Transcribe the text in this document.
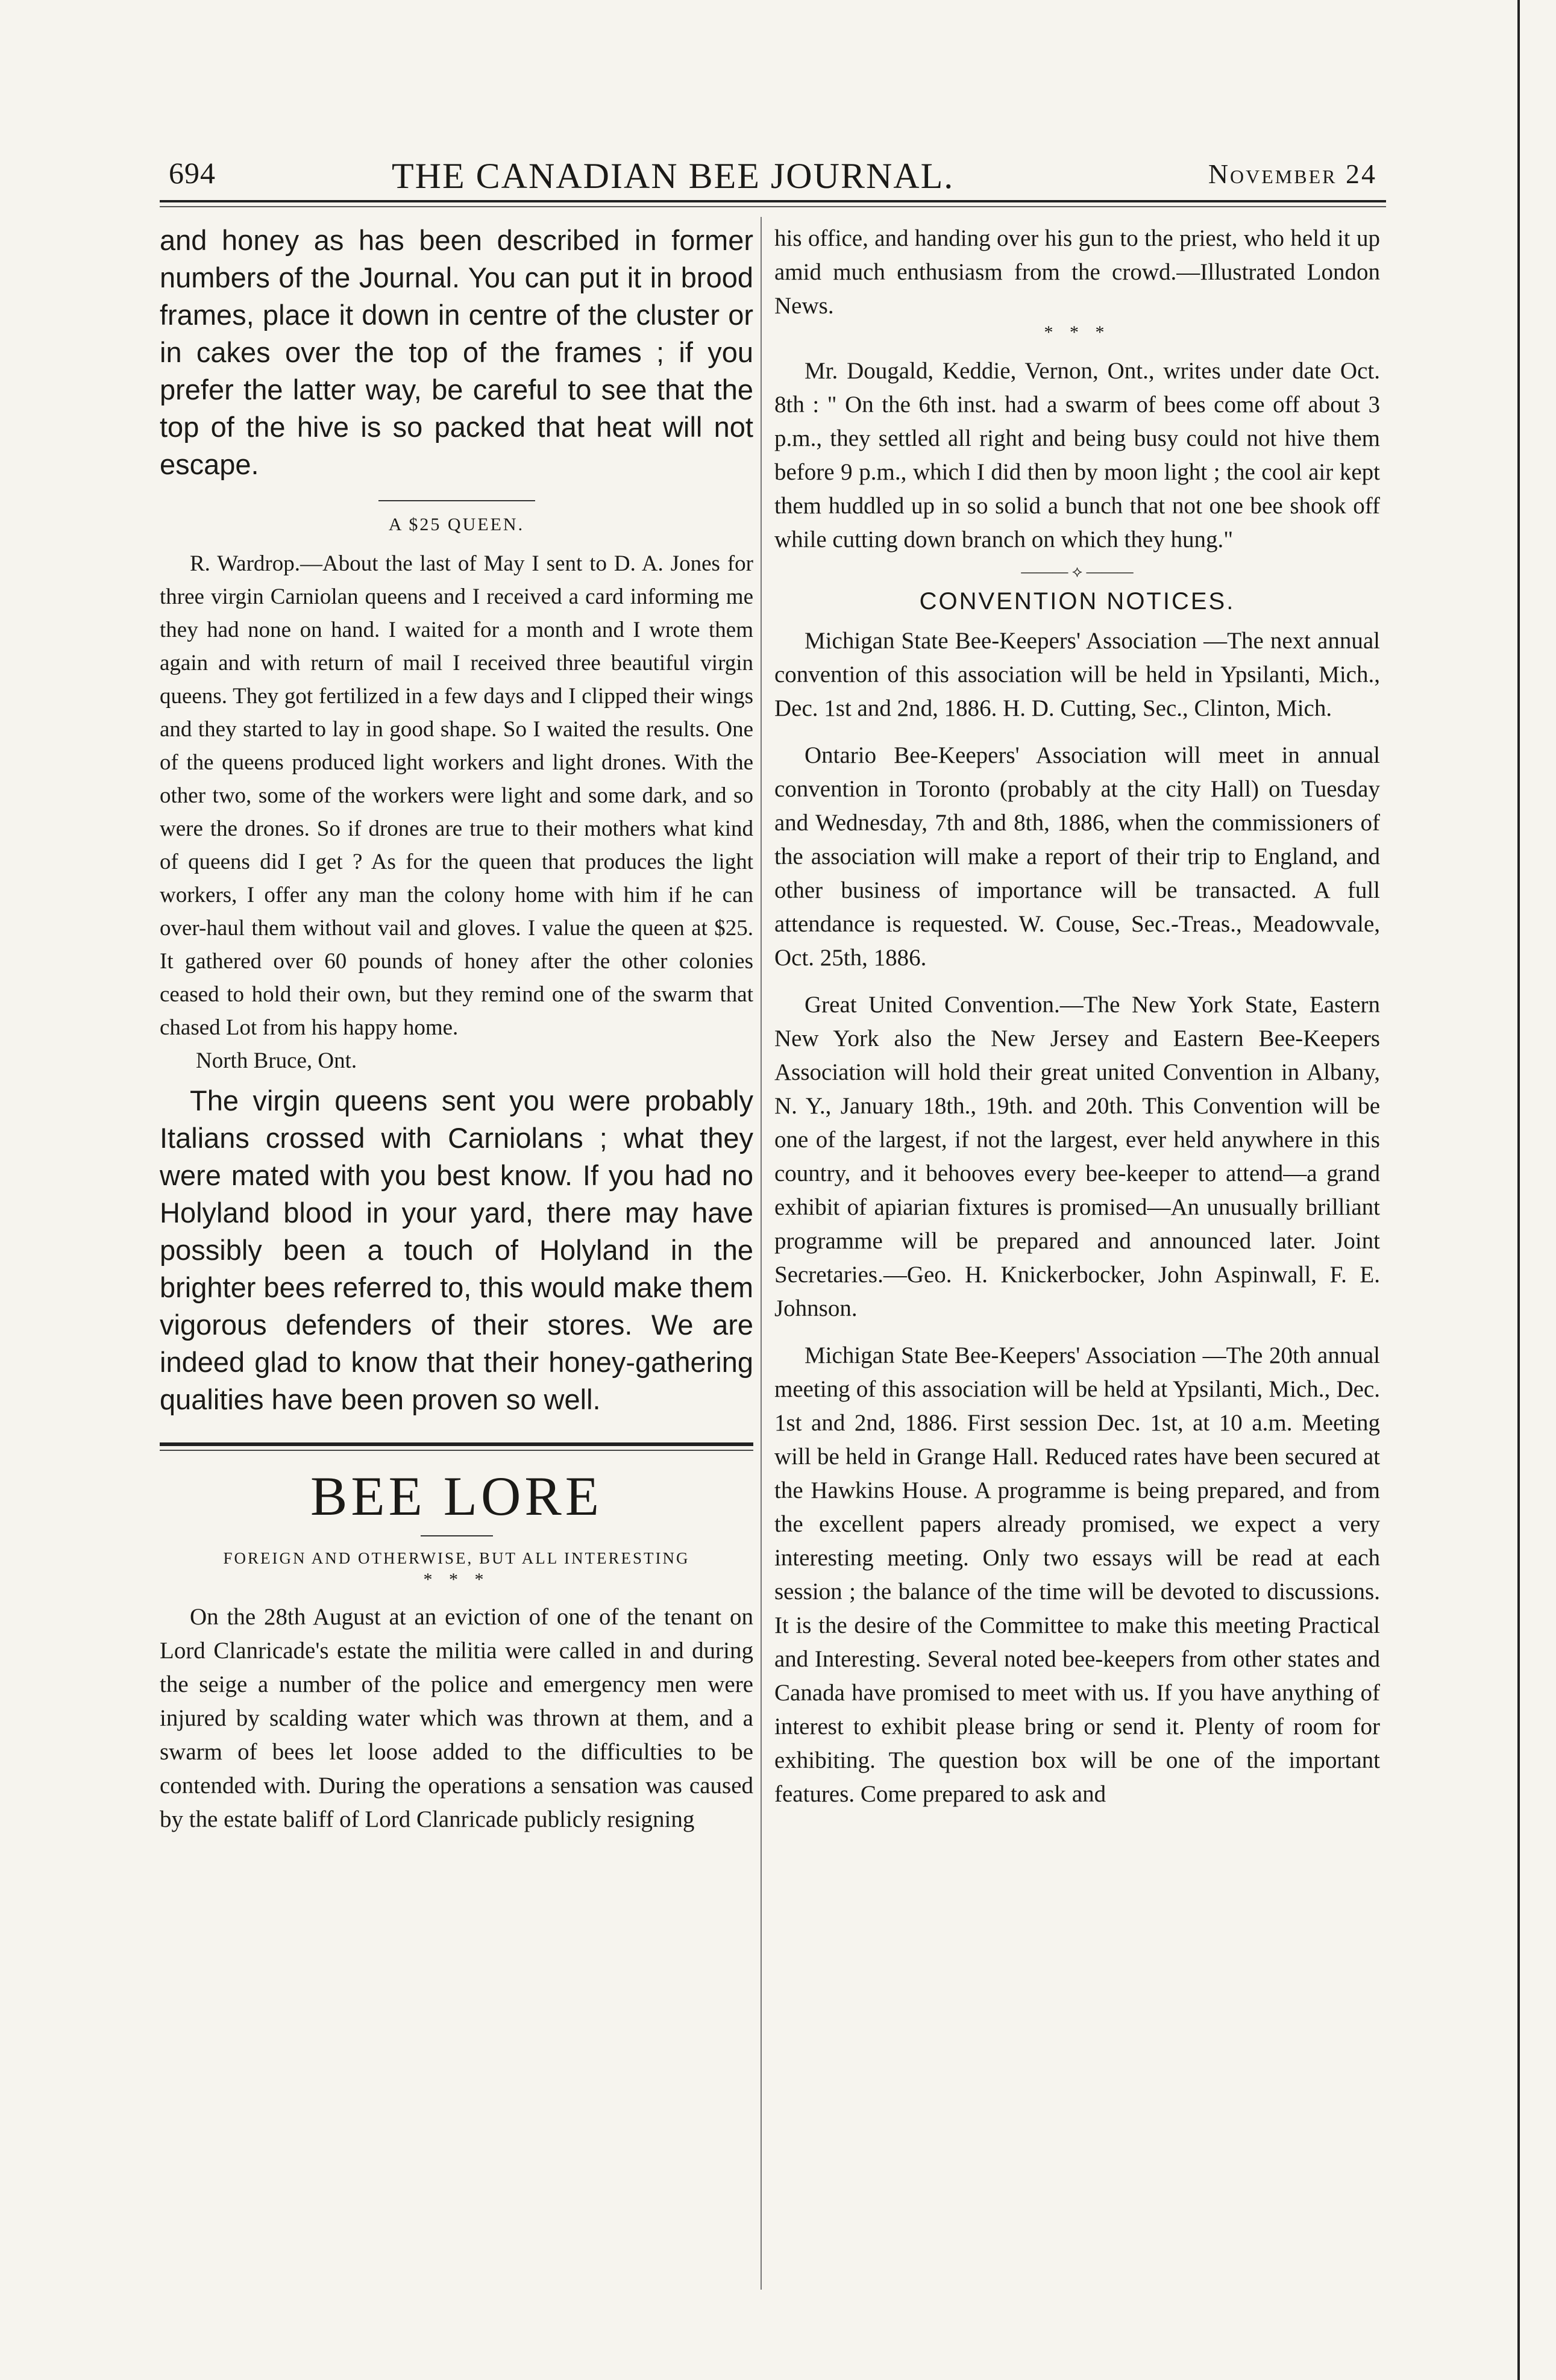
694	THE CANADIAN BEE JOURNAL.	November 24

and honey as has been described in former numbers of the Journal. You can put it in brood frames, place it down in centre of the cluster or in cakes over the top of the frames ; if you prefer the latter way, be careful to see that the top of the hive is so packed that heat will not escape.

A $25 QUEEN.

R. Wardrop.—About the last of May I sent to D. A. Jones for three virgin Carniolan queens and I received a card informing me they had none on hand. I waited for a month and I wrote them again and with return of mail I received three beautiful virgin queens. They got fertilized in a few days and I clipped their wings and they started to lay in good shape. So I waited the results. One of the queens produced light workers and light drones. With the other two, some of the workers were light and some dark, and so were the drones. So if drones are true to their mothers what kind of queens did I get ? As for the queen that produces the light workers, I offer any man the colony home with him if he can over-haul them without vail and gloves. I value the queen at $25. It gathered over 60 pounds of honey after the other colonies ceased to hold their own, but they remind one of the swarm that chased Lot from his happy home.

North Bruce, Ont.

The virgin queens sent you were probably Italians crossed with Carniolans ; what they were mated with you best know. If you had no Holyland blood in your yard, there may have possibly been a touch of Holyland in the brighter bees referred to, this would make them vigorous defenders of their stores. We are indeed glad to know that their honey-gathering qualities have been proven so well.

BEE LORE
FOREIGN AND OTHERWISE, BUT ALL INTERESTING
* * *

On the 28th August at an eviction of one of the tenant on Lord Clanricade's estate the militia were called in and during the seige a number of the police and emergency men were injured by scalding water which was thrown at them, and a swarm of bees let loose added to the difficulties to be contended with. During the operations a sensation was caused by the estate baliff of Lord Clanricade publicly resigning

his office, and handing over his gun to the priest, who held it up amid much enthusiasm from the crowd.—Illustrated London News.

* * *

Mr. Dougald, Keddie, Vernon, Ont., writes under date Oct. 8th : " On the 6th inst. had a swarm of bees come off about 3 p.m., they settled all right and being busy could not hive them before 9 p.m., which I did then by moon light ; the cool air kept them huddled up in so solid a bunch that not one bee shook off while cutting down branch on which they hung."

——— ⟡ ———
CONVENTION NOTICES.

Michigan State Bee-Keepers' Association —The next annual convention of this association will be held in Ypsilanti, Mich., Dec. 1st and 2nd, 1886. H. D. Cutting, Sec., Clinton, Mich.

Ontario Bee-Keepers' Association will meet in annual convention in Toronto (probably at the city Hall) on Tuesday and Wednesday, 7th and 8th, 1886, when the commissioners of the association will make a report of their trip to England, and other business of importance will be transacted. A full attendance is requested. W. Couse, Sec.-Treas., Meadowvale, Oct. 25th, 1886.

Great United Convention.—The New York State, Eastern New York also the New Jersey and Eastern Bee-Keepers Association will hold their great united Convention in Albany, N. Y., January 18th., 19th. and 20th. This Convention will be one of the largest, if not the largest, ever held anywhere in this country, and it behooves every bee-keeper to attend—a grand exhibit of apiarian fixtures is promised—An unusually brilliant programme will be prepared and announced later. Joint Secretaries.—Geo. H. Knickerbocker, John Aspinwall, F. E. Johnson.

Michigan State Bee-Keepers' Association —The 20th annual meeting of this association will be held at Ypsilanti, Mich., Dec. 1st and 2nd, 1886. First session Dec. 1st, at 10 a.m. Meeting will be held in Grange Hall. Reduced rates have been secured at the Hawkins House. A programme is being prepared, and from the excellent papers already promised, we expect a very interesting meeting. Only two essays will be read at each session ; the balance of the time will be devoted to discussions. It is the desire of the Committee to make this meeting Practical and Interesting. Several noted bee-keepers from other states and Canada have promised to meet with us. If you have anything of interest to exhibit please bring or send it. Plenty of room for exhibiting. The question box will be one of the important features. Come prepared to ask and
